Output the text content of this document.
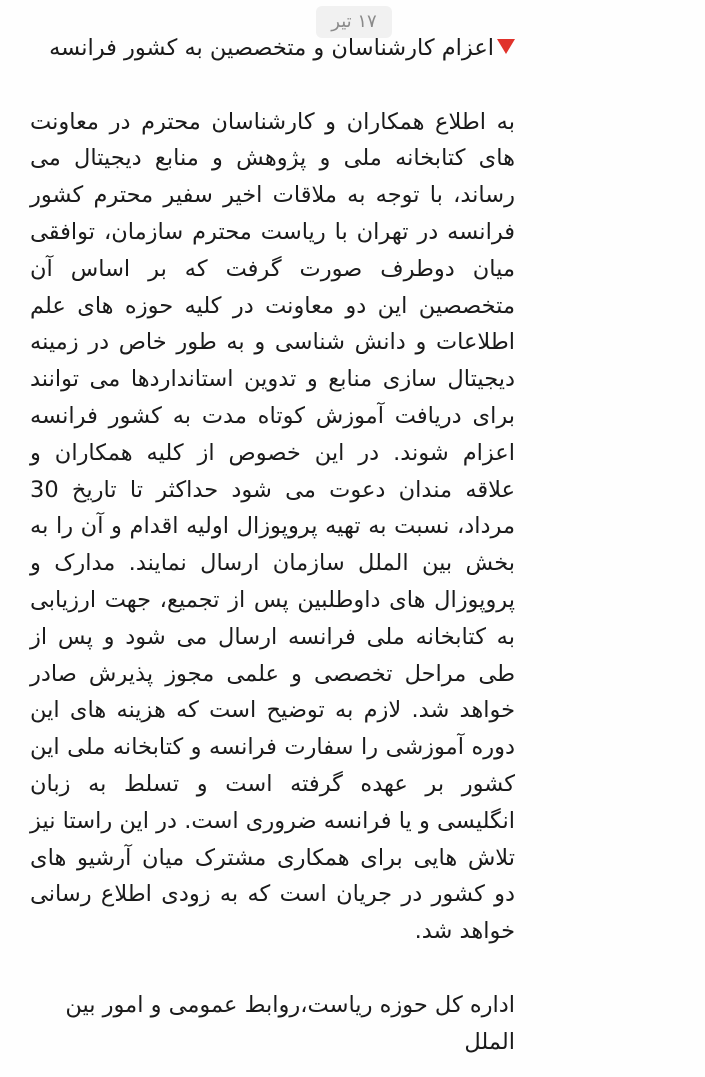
۱۷ تیر
اعزام کارشناسان و متخصصین به کشور فرانسه
به اطلاع همکاران و کارشناسان محترم در معاونت های کتابخانه ملی و پژوهش و منابع دیجیتال می رساند، با توجه به ملاقات اخیر سفیر محترم کشور فرانسه در تهران با ریاست محترم سازمان، توافقی میان دوطرف صورت گرفت که بر اساس آن متخصصین این دو معاونت در کلیه حوزه های علم اطلاعات و دانش شناسی و به طور خاص در زمینه دیجیتال سازی منابع و تدوین استانداردها می توانند برای دریافت آموزش کوتاه مدت به کشور فرانسه اعزام شوند. در این خصوص از کلیه همکاران و علاقه مندان دعوت می شود حداکثر تا تاریخ 30 مرداد، نسبت به تهیه پروپوزال اولیه اقدام و آن را به بخش بین الملل سازمان ارسال نمایند. مدارک و پروپوزال های داوطلبین پس از تجمیع، جهت ارزیابی به کتابخانه ملی فرانسه ارسال می شود و پس از طی مراحل تخصصی و علمی مجوز پذیرش صادر خواهد شد. لازم به توضیح است که هزینه های این دوره آموزشی را سفارت فرانسه و کتابخانه ملی این کشور بر عهده گرفته است و تسلط به زبان انگلیسی و یا فرانسه ضروری است. در این راستا نیز تلاش هایی برای همکاری مشترک میان آرشیو های دو کشور در جریان است که به زودی اطلاع رسانی خواهد شد.
اداره کل حوزه ریاست،روابط عمومی و امور بین الملل
